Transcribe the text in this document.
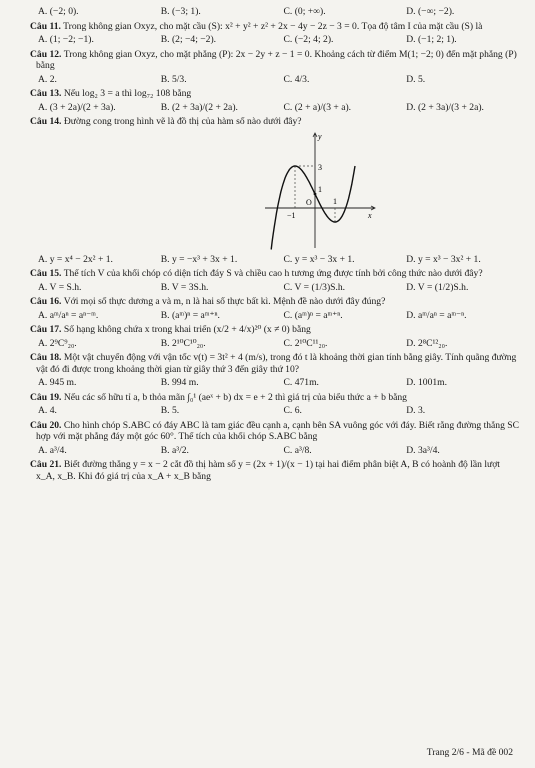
A. (−2; 0).	B. (−3; 1).	C. (0; +∞).	D. (−∞; −2).
Câu 11. Trong không gian Oxyz, cho mặt cầu (S): x² + y² + z² + 2x − 4y − 2z − 3 = 0. Tọa độ tâm I của mặt cầu (S) là
A. (1; −2; −1).	B. (2; −4; −2).	C. (−2; 4; 2).	D. (−1; 2; 1).
Câu 12. Trong không gian Oxyz, cho mặt phẳng (P): 2x − 2y + z − 1 = 0. Khoảng cách từ điểm M(1; −2; 0) đến mặt phẳng (P) bằng
A. 2.	B. 5/3.	C. 4/3.	D. 5.
Câu 13. Nếu log₂ 3 = a thì log₇₂ 108 bằng
A. (3 + 2a)/(2 + 3a).	B. (2 + 3a)/(2 + 2a).	C. (2 + a)/(3 + a).	D. (2 + 3a)/(3 + 2a).
Câu 14. Đường cong trong hình vẽ là đồ thị của hàm số nào dưới đây?
y
3
1
O
−1
1
x
A. y = x⁴ − 2x² + 1.	B. y = −x³ + 3x + 1.	C. y = x³ − 3x + 1.	D. y = x³ − 3x² + 1.
Câu 15. Thể tích V của khối chóp có diện tích đáy S và chiều cao h tương ứng được tính bởi công thức nào dưới đây?
A. V = S.h.	B. V = 3S.h.	C. V = (1/3)S.h.	D. V = (1/2)S.h.
Câu 16. Với mọi số thực dương a và m, n là hai số thực bất kì. Mệnh đề nào dưới đây đúng?
A. aᵐ/aⁿ = aⁿ⁻ᵐ.	B. (aᵐ)ⁿ = aᵐ⁺ⁿ.	C. (aᵐ)ⁿ = aᵐ⁺ⁿ.	D. aᵐ/aⁿ = aᵐ⁻ⁿ.
Câu 17. Số hạng không chứa x trong khai triển (x/2 + 4/x)²⁰ (x ≠ 0) bằng
A. 2⁹C⁹₂₀.	B. 2¹⁰C¹⁰₂₀.	C. 2¹⁰C¹¹₂₀.	D. 2⁸C¹²₂₀.
Câu 18. Một vật chuyển động với vận tốc v(t) = 3t² + 4 (m/s), trong đó t là khoảng thời gian tính bằng giây. Tính quãng đường vật đó đi được trong khoảng thời gian từ giây thứ 3 đến giây thứ 10?
A. 945 m.	B. 994 m.	C. 471m.	D. 1001m.
Câu 19. Nếu các số hữu tỉ a, b thỏa mãn ∫₀¹ (aeˣ + b) dx = e + 2 thì giá trị của biểu thức a + b bằng
A. 4.	B. 5.	C. 6.	D. 3.
Câu 20. Cho hình chóp S.ABC có đáy ABC là tam giác đều cạnh a, cạnh bên SA vuông góc với đáy. Biết rằng đường thẳng SC hợp với mặt phẳng đáy một góc 60°. Thể tích của khối chóp S.ABC bằng
A. a³/4.	B. a³/2.	C. a³/8.	D. 3a³/4.
Câu 21. Biết đường thẳng y = x − 2 cắt đồ thị hàm số y = (2x + 1)/(x − 1) tại hai điểm phân biệt A, B có hoành độ lần lượt x_A, x_B. Khi đó giá trị của x_A + x_B bằng
Trang 2/6 - Mã đề 002
